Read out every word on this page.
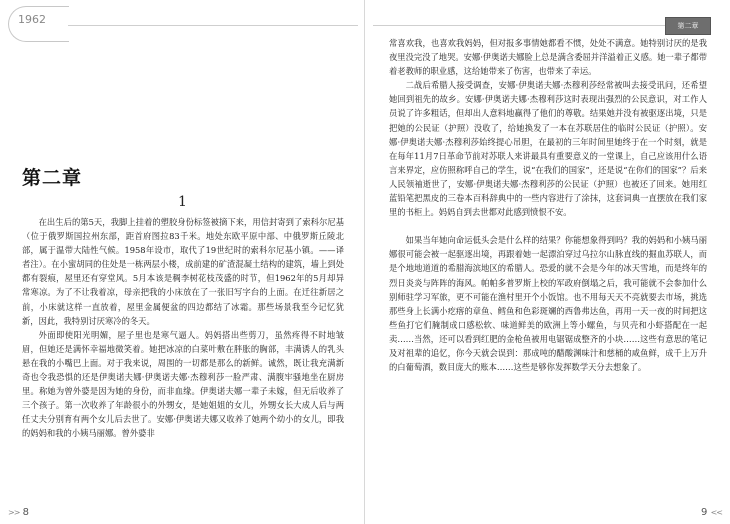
1962
第二章
1

在出生后的第5天，我脚上挂着的塑胶身份标签被摘下来，用信封寄到了索科尔尼基（位于俄罗斯国拉州东部，距首府图拉83千米。地处东欧平原中部、中俄罗斯丘陵北部，属于温带大陆性气候。1958年设市，取代了19世纪时的索科尔尼基小镇。——译者注）。在小蜜胡同的住处是一栋两层小楼，成前建的矿渣混凝土结构的建筑，墙上到处都有裂痕，屋里还有穿堂风。5月本该是稠李树花枝茂盛的时节，但1962年的5月却异常寒凉。为了不让我着凉，母亲把我的小床放在了一张旧写字台的上面。在迁往新居之前，小床就这样一直放着，屋里金属便盆的四边都结了冰霜。那些场景我至今记忆犹新，因此，我特别讨厌寒冷的冬天。

外面即使阳光明媚，屋子里也是寒气逼人。妈妈搭出些剪刀，虽然疼得不时地皱眉，但她还是满怀幸福地微笑着。她把冰凉的白菜叶敷在胖胀的胸部，丰满诱人的乳头悬在我的小嘴巴上面。对于我来说，周围的一切都是那么的新鲜。诚然，既让我充满新奇也令我恐惧的还是伊奥诺夫娜·伊奥诺夫娜·杰穆利莎一脸严肃、满腹牢骚地坐在厨房里。称她为曾外婆是因为她的身份，而非血缘。伊奥诺夫娜一辈子未嫁，但无后收养了三个孩子。第一次收养了年龄很小的外甥女，是她姐姐的女儿，外甥女长大成人后与两任丈夫分别育有两个女儿后去世了。安娜·伊奥诺夫娜又收养了她两个幼小的女儿，即我的妈妈和我的小姨马丽娜。曾外婆非

>> 8
第二章

常喜欢我，也喜欢我妈妈，但对报多事情她都看不惯，处处不满意。她特别讨厌的是我夜里没完没了地哭。安娜·伊奥诺夫娜脸上总是满含委屈并洋溢着正义感。她一辈子都带着老教师的职业感，这给她带来了伤害，也带来了幸运。

二战后希腊人接受调查，安娜·伊奥诺夫娜·杰穆利莎经常被叫去接受讯问，还希望她回到祖先的故乡。安娜·伊奥诺夫娜·杰穆利莎这时表现出强烈的公民意识，对工作人员说了许多粗话，但却出人意料地赢得了他们的尊敬。结果她并没有被驱逐出境，只是把她的公民证（护照）没收了，给她换发了一本在苏联居住的临时公民证（护照）。安娜·伊奥诺夫娜·杰穆利莎始终提心吊胆，在最初的三年时间里她终于在一个时刻，就是在每年11月7日革命节前对苏联人来讲最具有重要意义的一堂课上，自己应该用什么语言来界定，应仿照称呼自己的学生，说“在我们的国家”，还是说“在你们的国家”？后来人民领袖逝世了，安娜·伊奥诺夫娜·杰穆利莎的公民证（护照）也被还了回来。她用红蓝铅笔把黑皮的三卷本百科辞典中的一些内容进行了涂抹，这套词典一直摆放在我们家里的书柜上。妈妈自到去世都对此感到愤恨不安。

如果当年她向命运低头会是什么样的结果？你能想象得到吗？我的妈妈和小姨马丽娜很可能会被一起驱逐出境，再跟着她一起漂泊穿过乌拉尔山脉直线的掘血苏联人，而是个地地道道的希腊海滨地区的希腊人。恐爱的就不会是今年的冰天雪地，而是终年的烈日炎炎与阵阵的海风。帕帕多普罗斯上校的军政府倒塌之后，我可能就不会参加什么别师驻学习军旅，更不可能在渔村里开个小饭馆。也不用每天天不亮就要去市场，挑选那些身上长满小疙瘩的章鱼、鳕鱼和色彩斑斓的西鲁弗达鱼，再用一天一夜的时间把这些鱼打它们腌制成口感松软、味道鲜美的欧洲上等小螺鱼，与贝壳和小虾搭配在一起卖……当然，还可以看到红肥的金枪鱼被用电锯锯成整齐的小块……这些有意思的笔记及对祖辈的追忆，你今天就会误到：那成吨的醋酸渊味汁和慈桶的咸鱼鲜，成千上万升的白葡萄酒，数目庞大的账本……这些是够你发挥数学天分去想象了。

9 <<
